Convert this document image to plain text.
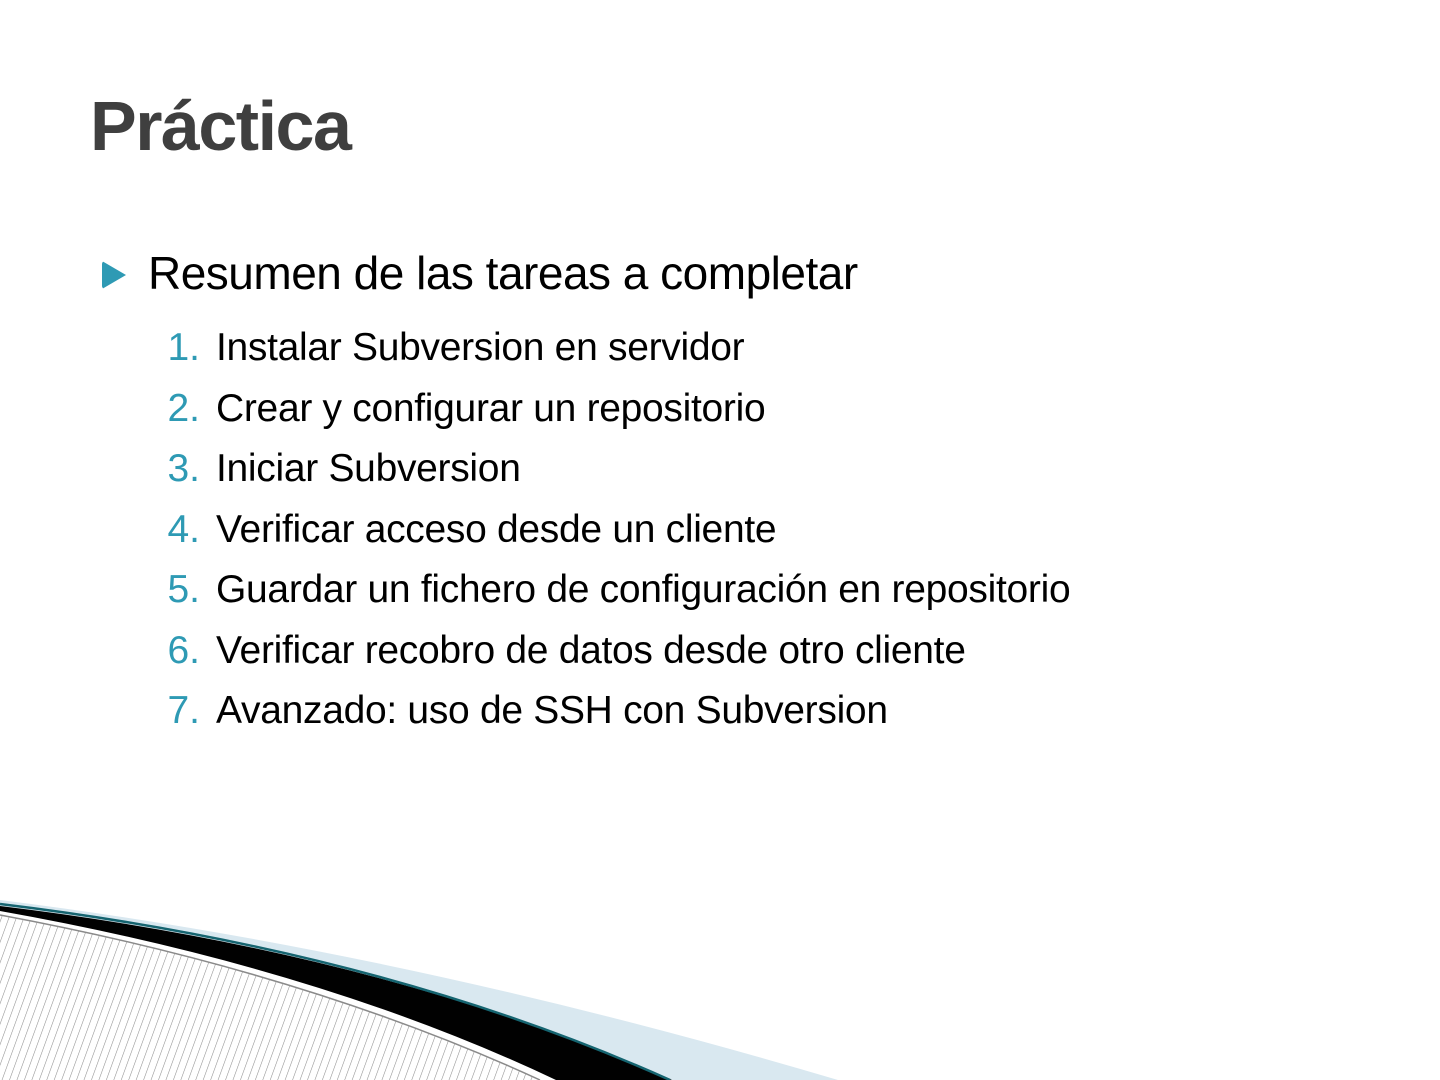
Práctica
Resumen de las tareas a completar
1. Instalar Subversion en servidor
2. Crear y configurar un repositorio
3. Iniciar Subversion
4. Verificar acceso desde un cliente
5. Guardar un fichero de configuración en repositorio
6. Verificar recobro de datos desde otro cliente
7. Avanzado: uso de SSH con Subversion
